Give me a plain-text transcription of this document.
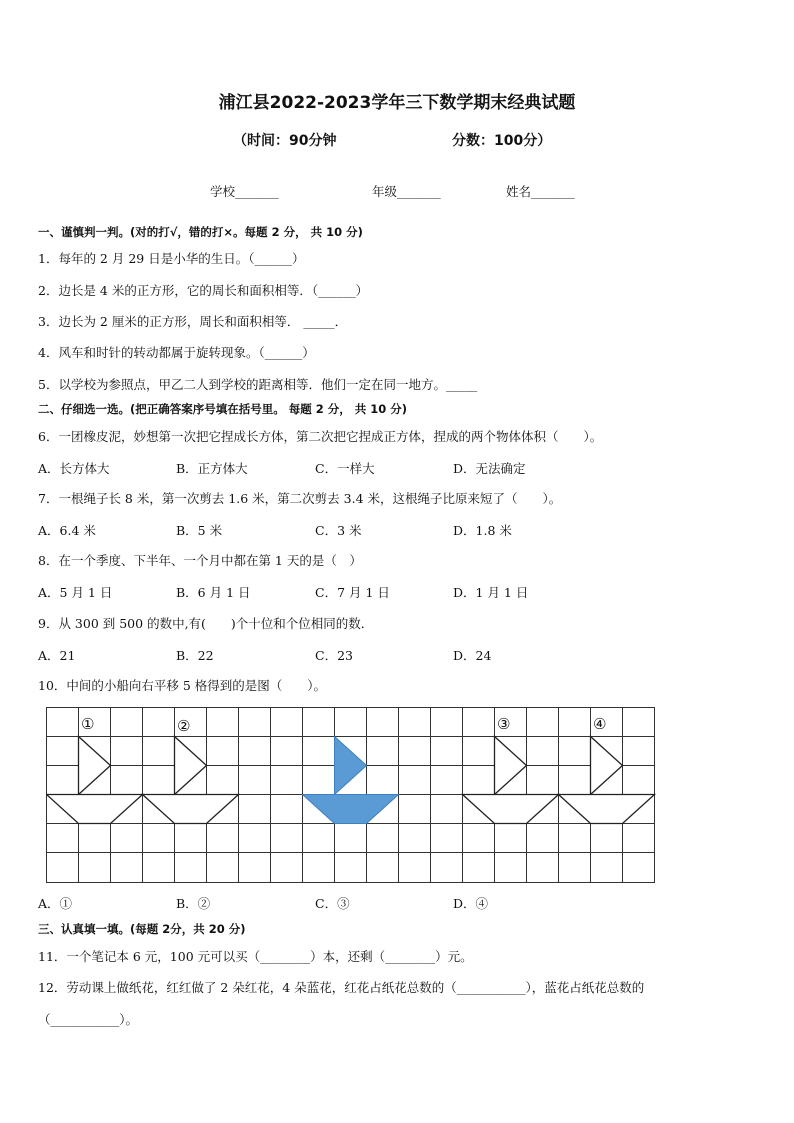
浦江县2022-2023学年三下数学期末经典试题
（时间：90分钟	分数：100分）
学校_______	年级_______	姓名_______
一、谨慎判一判。(对的打√，错的打×。每题 2 分， 共 10 分)
1．每年的 2 月 29 日是小华的生日。（______）
2．边长是 4 米的正方形，它的周长和面积相等．（______）
3．边长为 2 厘米的正方形，周长和面积相等． _____．
4．风车和时针的转动都属于旋转现象。（______）
5．以学校为参照点，甲乙二人到学校的距离相等．他们一定在同一地方。_____
二、仔细选一选。(把正确答案序号填在括号里。 每题 2 分， 共 10 分)
6．一团橡皮泥，妙想第一次把它捏成长方体，第二次把它捏成正方体，捏成的两个物体体积（　　）。
A．长方体大	B．正方体大	C．一样大	D．无法确定
7．一根绳子长 8 米，第一次剪去 1.6 米，第二次剪去 3.4 米，这根绳子比原来短了（　　）。
A．6.4 米	B．5 米	C．3 米	D．1.8 米
8．在一个季度、下半年、一个月中都在第 1 天的是（　）
A．5 月 1 日	B．6 月 1 日	C．7 月 1 日	D．1 月 1 日
9．从 300 到 500 的数中,有(　　)个十位和个位相同的数．
A．21	B．22	C．23	D．24
10．中间的小船向右平移 5 格得到的是图（　　）。
①	②	③	④
A．①	B．②	C．③	D．④
三、认真填一填。(每题 2分，共 20 分)
11．一个笔记本 6 元，100 元可以买（________）本，还剩（________）元。
12．劳动课上做纸花，红红做了 2 朵红花，4 朵蓝花，红花占纸花总数的（___________），蓝花占纸花总数的
（___________）。
